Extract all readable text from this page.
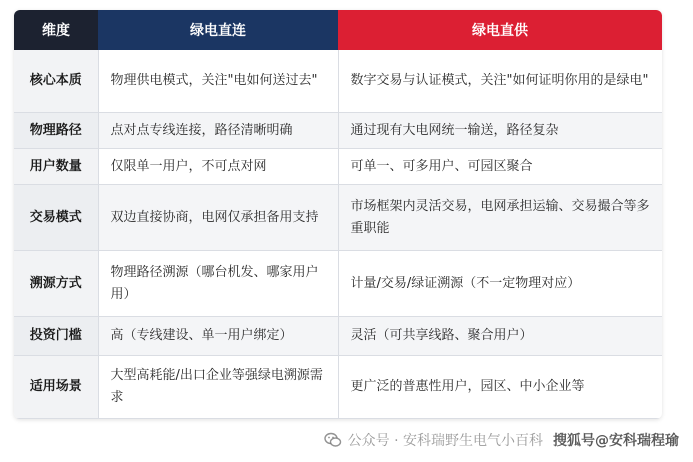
维度	绿电直连	绿电直供
核心本质	物理供电模式，关注"电如何送过去"	数字交易与认证模式，关注"如何证明你用的是绿电"
物理路径	点对点专线连接，路径清晰明确	通过现有大电网统一输送，路径复杂
用户数量	仅限单一用户，不可点对网	可单一、可多用户、可园区聚合
交易模式	双边直接协商，电网仅承担备用支持	市场框架内灵活交易，电网承担运输、交易撮合等多重职能
溯源方式	物理路径溯源（哪台机发、哪家用户用）	计量/交易/绿证溯源（不一定物理对应）
投资门槛	高（专线建设、单一用户绑定）	灵活（可共享线路、聚合用户）
适用场景	大型高耗能/出口企业等强绿电溯源需求	更广泛的普惠性用户，园区、中小企业等
公众号 · 安科瑞野生电气小百科 搜狐号@安科瑞程瑜
